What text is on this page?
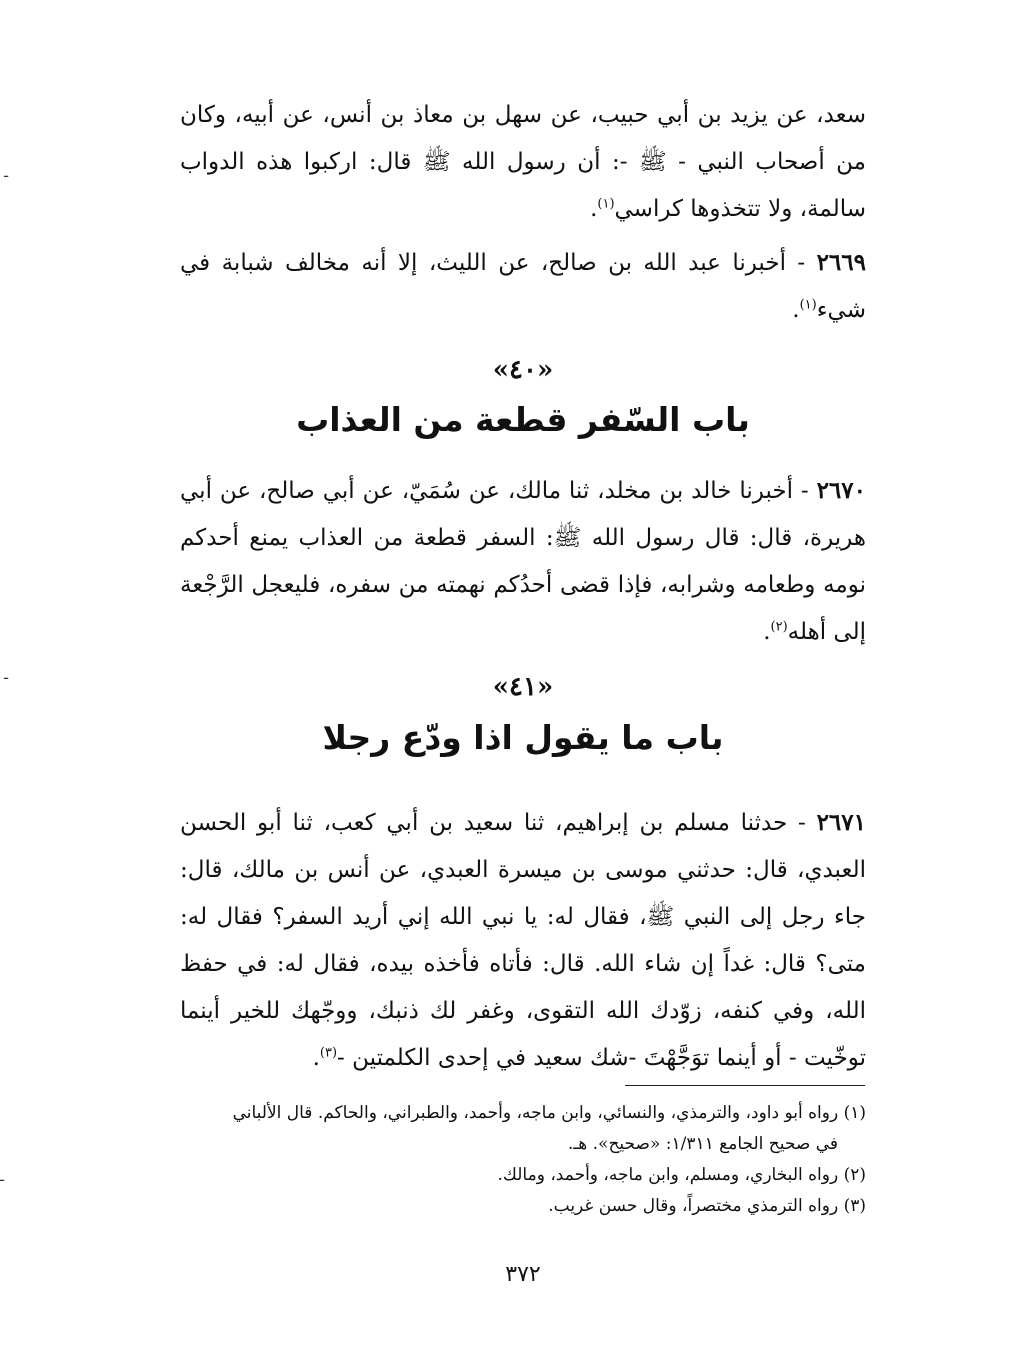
سعد، عن يزيد بن أبي حبيب، عن سهل بن معاذ بن أنس، عن أبيه، وكان من أصحاب النبي - ﷺ -: أن رسول الله ﷺ قال: اركبوا هذه الدواب سالمة، ولا تتخذوها كراسي$^{(١)}$.
٢٦٦٩ - أخبرنا عبد الله بن صالح، عن الليث، إلا أنه مخالف شبابة في شيء$^{(١)}$.
«٤٠»
باب السّفر قطعة من العذاب
٢٦٧٠ - أخبرنا خالد بن مخلد، ثنا مالك، عن سُمَيّ، عن أبي صالح، عن أبي هريرة، قال: قال رسول الله ﷺ: السفر قطعة من العذاب يمنع أحدكم نومه وطعامه وشرابه، فإذا قضى أحدُكم نهمته من سفره، فليعجل الرَّجْعة إلى أهله$^{(٢)}$.
«٤١»
باب ما يقول اذا ودّع رجلا
٢٦٧١ - حدثنا مسلم بن إبراهيم، ثنا سعيد بن أبي كعب، ثنا أبو الحسن العبدي، قال: حدثني موسى بن ميسرة العبدي، عن أنس بن مالك، قال: جاء رجل إلى النبي ﷺ، فقال له: يا نبي الله إني أريد السفر؟ فقال له: متى؟ قال: غداً إن شاء الله. قال: فأتاه فأخذه بيده، فقال له: في حفظ الله، وفي كنفه، زوّدك الله التقوى، وغفر لك ذنبك، ووجّهك للخير أينما توخّيت - أو أينما توَجَّهْتَ -شك سعيد في إحدى الكلمتين -$^{(٣)}$.
(١) رواه أبو داود، والترمذي، والنسائي، وابن ماجه، وأحمد، والطبراني، والحاكم. قال الألباني
في صحيح الجامع ١/٣١١: «صحيح». هـ.
(٢) رواه البخاري، ومسلم، وابن ماجه، وأحمد، ومالك.
(٣) رواه الترمذي مختصراً، وقال حسن غريب.
٣٧٢
ـ
ـ
ـ
